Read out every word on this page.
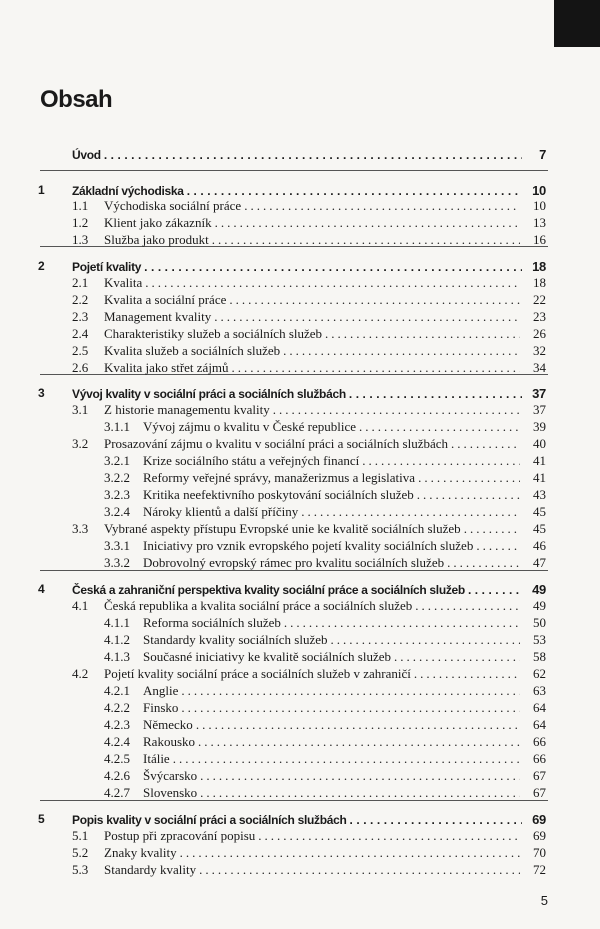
Obsah
Úvod .....	7
1 Základní východiska .....	10
1.1 Východiska sociální práce .....	10
1.2 Klient jako zákazník .....	13
1.3 Služba jako produkt .....	16
2 Pojetí kvality .....	18
2.1 Kvalita .....	18
2.2 Kvalita a sociální práce .....	22
2.3 Management kvality .....	23
2.4 Charakteristiky služeb a sociálních služeb .....	26
2.5 Kvalita služeb a sociálních služeb .....	32
2.6 Kvalita jako střet zájmů .....	34
3 Vývoj kvality v sociální práci a sociálních službách .....	37
3.1 Z historie managementu kvality .....	37
3.1.1 Vývoj zájmu o kvalitu v České republice .....	39
3.2 Prosazování zájmu o kvalitu v sociální práci a sociálních službách .....	40
3.2.1 Krize sociálního státu a veřejných financí .....	41
3.2.2 Reformy veřejné správy, manažerizmus a legislativa .....	41
3.2.3 Kritika neefektivního poskytování sociálních služeb .....	43
3.2.4 Nároky klientů a další příčiny .....	45
3.3 Vybrané aspekty přístupu Evropské unie ke kvalitě sociálních služeb .....	45
3.3.1 Iniciativy pro vznik evropského pojetí kvality sociálních služeb .....	46
3.3.2 Dobrovolný evropský rámec pro kvalitu sociálních služeb .....	47
4 Česká a zahraniční perspektiva kvality sociální práce a sociálních služeb .....	49
4.1 Česká republika a kvalita sociální práce a sociálních služeb .....	49
4.1.1 Reforma sociálních služeb .....	50
4.1.2 Standardy kvality sociálních služeb .....	53
4.1.3 Současné iniciativy ke kvalitě sociálních služeb .....	58
4.2 Pojetí kvality sociální práce a sociálních služeb v zahraničí .....	62
4.2.1 Anglie .....	63
4.2.2 Finsko .....	64
4.2.3 Německo .....	64
4.2.4 Rakousko .....	66
4.2.5 Itálie .....	66
4.2.6 Švýcarsko .....	67
4.2.7 Slovensko .....	67
5 Popis kvality v sociální práci a sociálních službách .....	69
5.1 Postup při zpracování popisu .....	69
5.2 Znaky kvality .....	70
5.3 Standardy kvality .....	72
5
